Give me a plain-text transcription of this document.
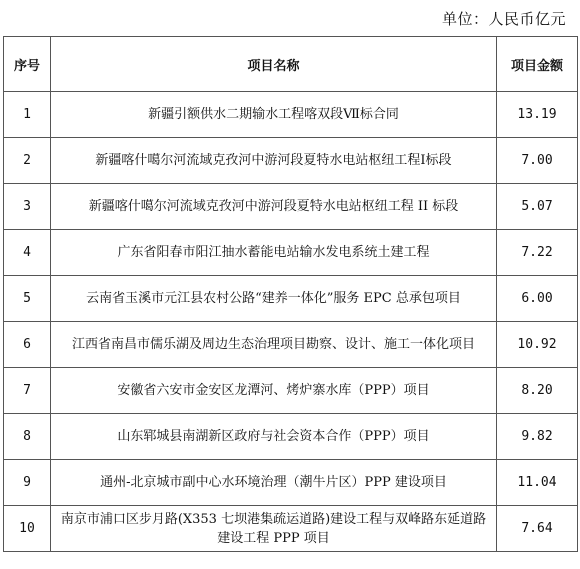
单位：人民币亿元
序号	项目名称	项目金额
1	新疆引额供水二期输水工程喀双段Ⅶ标合同	13.19
2	新疆喀什噶尔河流域克孜河中游河段夏特水电站枢纽工程Ⅰ标段	7.00
3	新疆喀什噶尔河流域克孜河中游河段夏特水电站枢纽工程 II 标段	5.07
4	广东省阳春市阳江抽水蓄能电站输水发电系统土建工程	7.22
5	云南省玉溪市元江县农村公路“建养一体化”服务 EPC 总承包项目	6.00
6	江西省南昌市儒乐湖及周边生态治理项目勘察、设计、施工一体化项目	10.92
7	安徽省六安市金安区龙潭河、烤炉寨水库（PPP）项目	8.20
8	山东郓城县南湖新区政府与社会资本合作（PPP）项目	9.82
9	通州-北京城市副中心水环境治理（潮牛片区）PPP 建设项目	11.04
10	南京市浦口区步月路(X353 七坝港集疏运道路)建设工程与双峰路东延道路建设工程 PPP 项目	7.64
